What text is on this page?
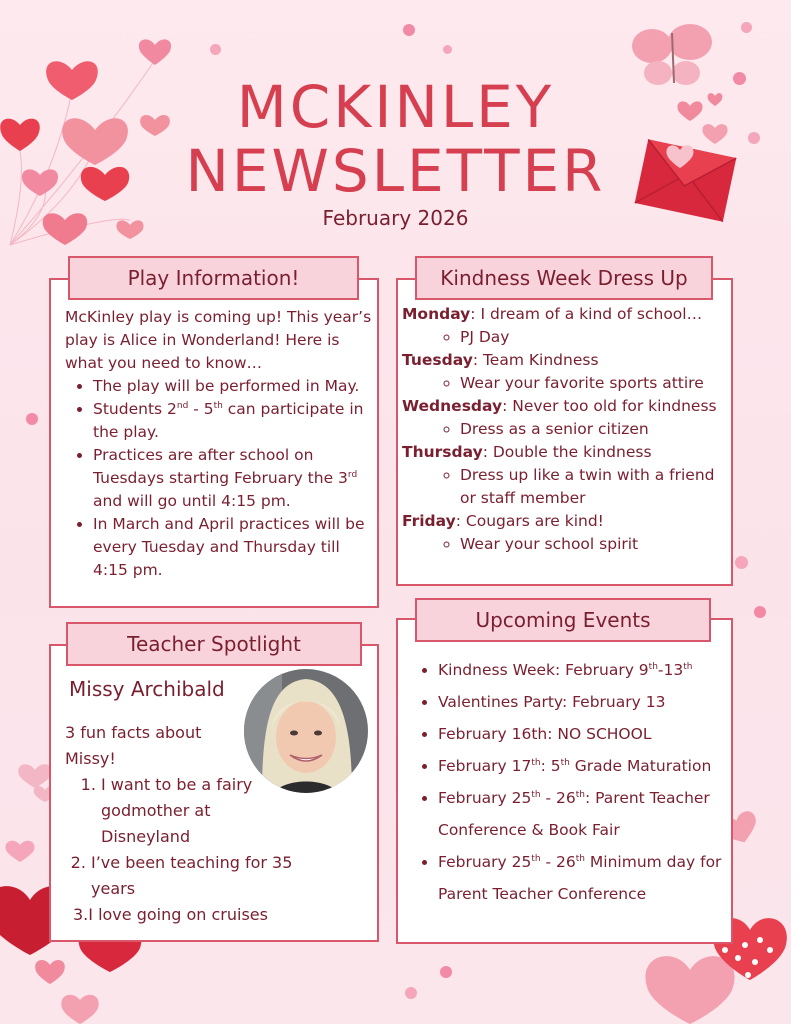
MCKINLEY
NEWSLETTER
February 2026
Play Information!
McKinley play is coming up! This year’s play is Alice in Wonderland! Here is what you need to know…
• The play will be performed in May.
• Students 2nd - 5th can participate in the play.
• Practices are after school on Tuesdays starting February the 3rd and will go until 4:15 pm.
• In March and April practices will be every Tuesday and Thursday till 4:15 pm.
Kindness Week Dress Up
Monday: I dream of a kind of school…
◦ PJ Day
Tuesday: Team Kindness
◦ Wear your favorite sports attire
Wednesday: Never too old for kindness
◦ Dress as a senior citizen
Thursday: Double the kindness
◦ Dress up like a twin with a friend or staff member
Friday: Cougars are kind!
◦ Wear your school spirit
Teacher Spotlight
Missy Archibald
3 fun facts about Missy!
1. I want to be a fairy godmother at Disneyland
2. I’ve been teaching for 35 years
3.I love going on cruises
Upcoming Events
• Kindness Week: February 9th-13th
• Valentines Party: February 13
• February 16th: NO SCHOOL
• February 17th: 5th Grade Maturation
• February 25th - 26th: Parent Teacher Conference & Book Fair
• February 25th - 26th Minimum day for Parent Teacher Conference
